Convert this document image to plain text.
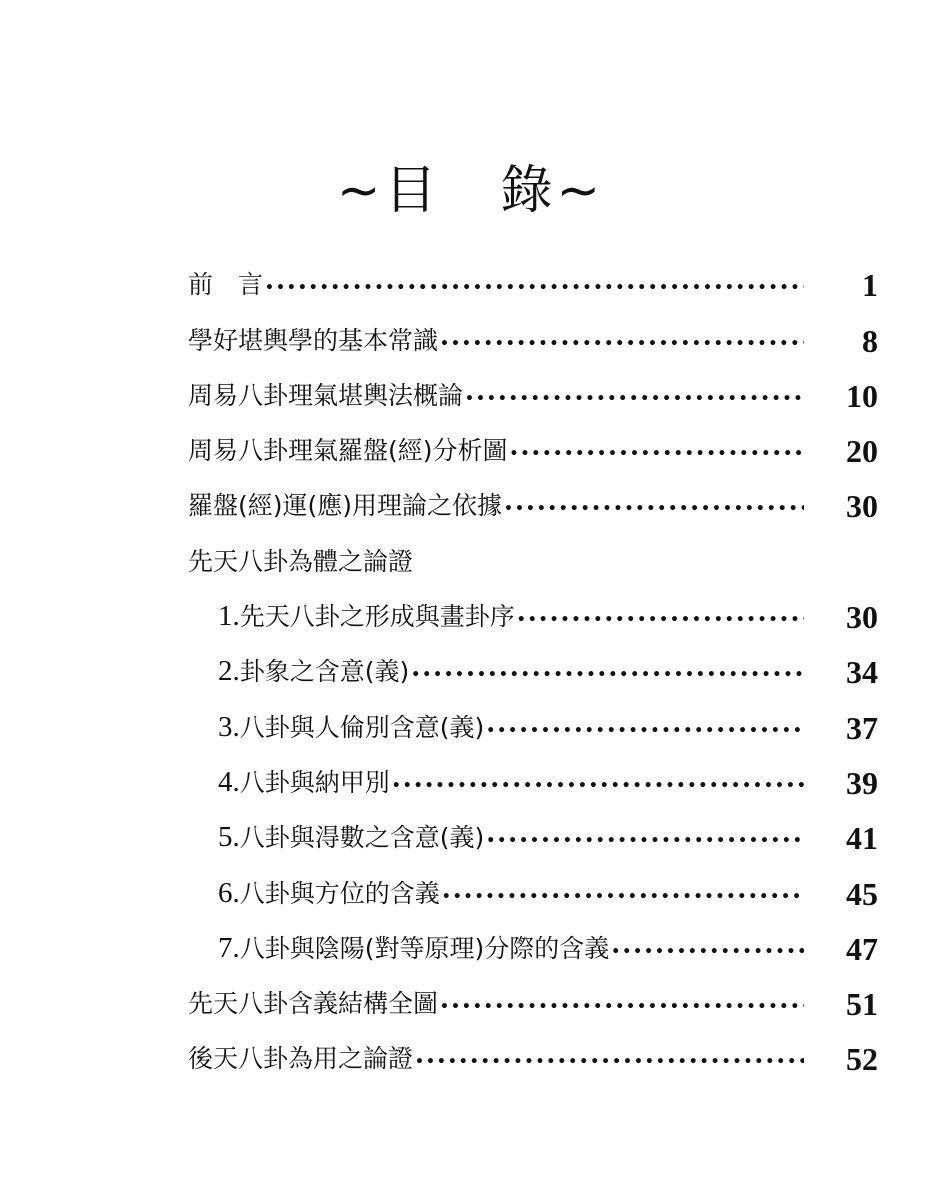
~目 錄~
前　言 •••••	1
學好堪輿學的基本常識 •••••	8
周易八卦理氣堪輿法概論 •••••	10
周易八卦理氣羅盤(經)分析圖 •••••	20
羅盤(經)運(應)用理論之依據 •••••	30
先天八卦為體之論證
1.先天八卦之形成與畫卦序 •••••	30
2.卦象之含意(義) •••••	34
3.八卦與人倫別含意(義) •••••	37
4.八卦與納甲別 •••••	39
5.八卦與淂數之含意(義) •••••	41
6.八卦與方位的含義 •••••	45
7.八卦與陰陽(對等原理)分際的含義 •••••	47
先天八卦含義結構全圖 •••••	51
後天八卦為用之論證 •••••	52
